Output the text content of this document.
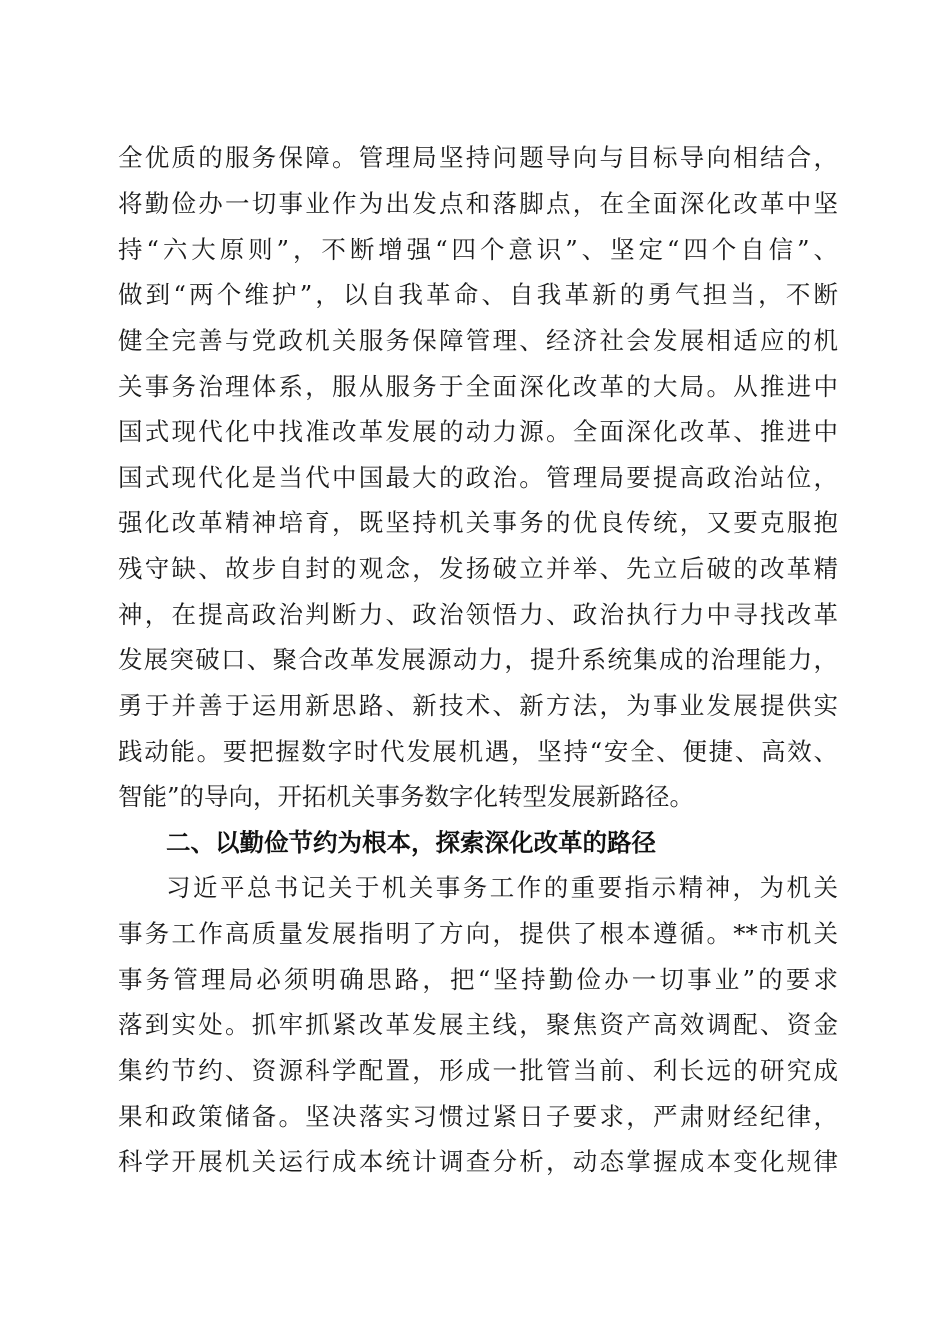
全优质的服务保障。管理局坚持问题导向与目标导向相结合，
将勤俭办一切事业作为出发点和落脚点，在全面深化改革中坚
持“六大原则”，不断增强“四个意识”、坚定“四个自信”、
做到“两个维护”，以自我革命、自我革新的勇气担当，不断
健全完善与党政机关服务保障管理、经济社会发展相适应的机
关事务治理体系，服从服务于全面深化改革的大局。从推进中
国式现代化中找准改革发展的动力源。全面深化改革、推进中
国式现代化是当代中国最大的政治。管理局要提高政治站位，
强化改革精神培育，既坚持机关事务的优良传统，又要克服抱
残守缺、故步自封的观念，发扬破立并举、先立后破的改革精
神，在提高政治判断力、政治领悟力、政治执行力中寻找改革
发展突破口、聚合改革发展源动力，提升系统集成的治理能力，
勇于并善于运用新思路、新技术、新方法，为事业发展提供实
践动能。要把握数字时代发展机遇，坚持“安全、便捷、高效、
智能”的导向，开拓机关事务数字化转型发展新路径。
二、以勤俭节约为根本，探索深化改革的路径
习近平总书记关于机关事务工作的重要指示精神，为机关
事务工作高质量发展指明了方向，提供了根本遵循。**市机关
事务管理局必须明确思路，把“坚持勤俭办一切事业”的要求
落到实处。抓牢抓紧改革发展主线，聚焦资产高效调配、资金
集约节约、资源科学配置，形成一批管当前、利长远的研究成
果和政策储备。坚决落实习惯过紧日子要求，严肃财经纪律，
科学开展机关运行成本统计调查分析，动态掌握成本变化规律
